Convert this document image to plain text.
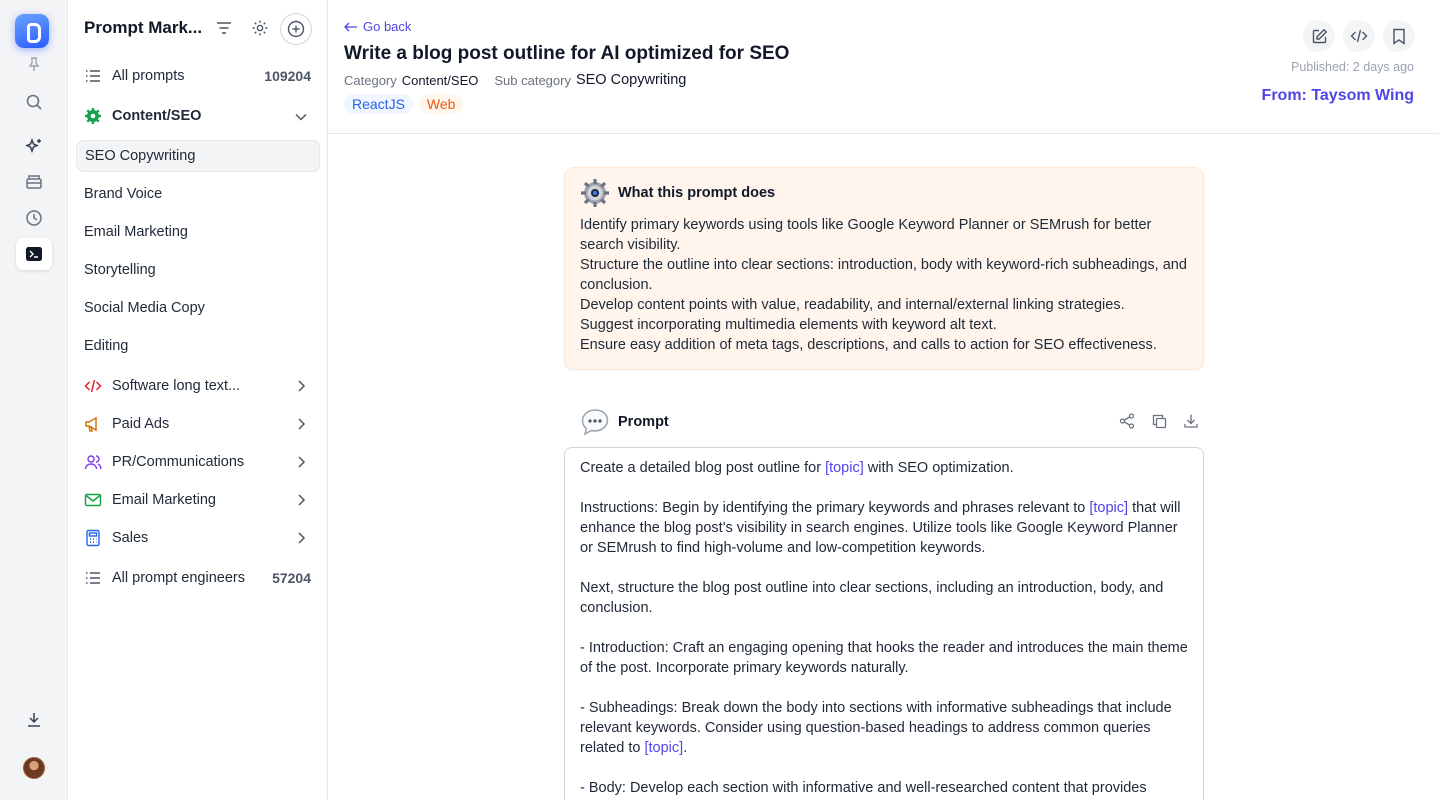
Prompt Mark...
All prompts	109204
Content/SEO
SEO Copywriting
Brand Voice
Email Marketing
Storytelling
Social Media Copy
Editing
Software long text...
Paid Ads
PR/Communications
Email Marketing
Sales
All prompt engineers 57204
Go back
Write a blog post outline for AI optimized for SEO
Category Content/SEO Sub category SEO Copywriting
ReactJS	Web
Published: 2 days ago
From: Taysom Wing
What this prompt does

Identify primary keywords using tools like Google Keyword Planner or SEMrush for better search visibility.

Structure the outline into clear sections: introduction, body with keyword-rich subheadings, and conclusion.

Develop content points with value, readability, and internal/external linking strategies.

Suggest incorporating multimedia elements with keyword alt text.

Ensure easy addition of meta tags, descriptions, and calls to action for SEO effectiveness.

Prompt

Create a detailed blog post outline for [topic] with SEO optimization.

Instructions: Begin by identifying the primary keywords and phrases relevant to [topic] that will enhance the blog post's visibility in search engines. Utilize tools like Google Keyword Planner or SEMrush to find high-volume and low-competition keywords.

Next, structure the blog post outline into clear sections, including an introduction, body, and conclusion.

- Introduction: Craft an engaging opening that hooks the reader and introduces the main theme of the post. Incorporate primary keywords naturally.

- Subheadings: Break down the body into sections with informative subheadings that include relevant keywords. Consider using question-based headings to address common queries related to [topic].

- Body: Develop each section with informative and well-researched content that provides
